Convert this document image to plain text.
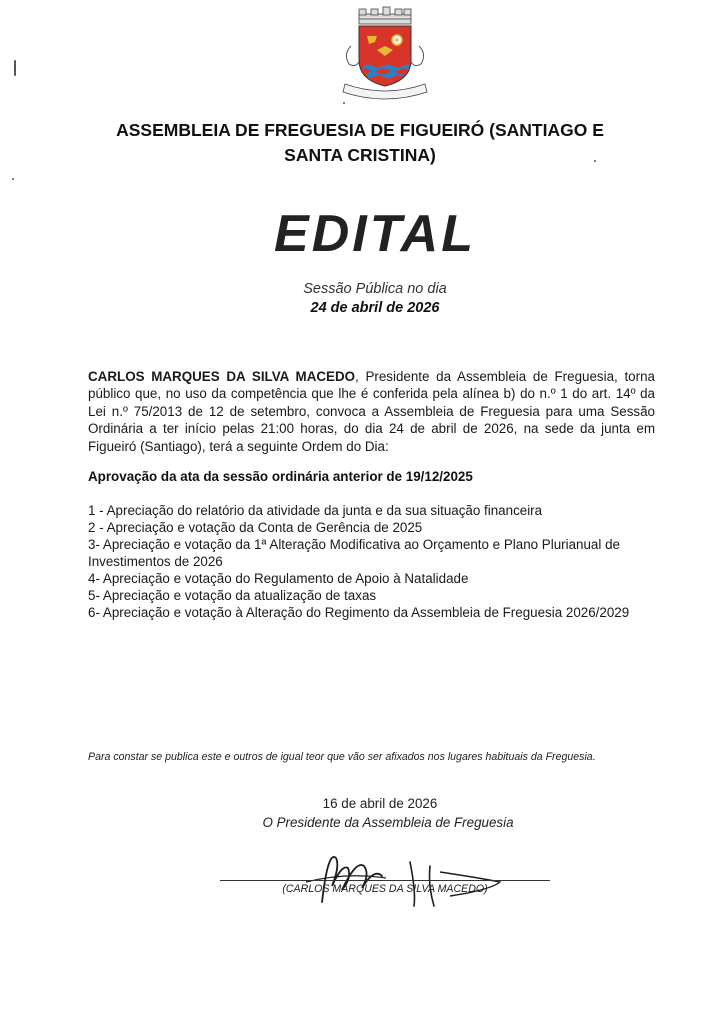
ASSEMBLEIA DE FREGUESIA DE FIGUEIRÓ (SANTIAGO E SANTA CRISTINA)
EDITAL
Sessão Pública no dia
24 de abril de 2026

CARLOS MARQUES DA SILVA MACEDO, Presidente da Assembleia de Freguesia, torna público que, no uso da competência que lhe é conferida pela alínea b) do n.º 1 do art. 14º da Lei n.º 75/2013 de 12 de setembro, convoca a Assembleia de Freguesia para uma Sessão Ordinária a ter início pelas 21:00 horas, do dia 24 de abril de 2026, na sede da junta em Figueiró (Santiago), terá a seguinte Ordem do Dia:

Aprovação da ata da sessão ordinária anterior de 19/12/2025
1 - Apreciação do relatório da atividade da junta e da sua situação financeira
2 - Apreciação e votação da Conta de Gerência de 2025
3- Apreciação e votação da 1ª Alteração Modificativa ao Orçamento e Plano Plurianual de Investimentos de 2026
4- Apreciação e votação do Regulamento de Apoio à Natalidade
5- Apreciação e votação da atualização de taxas
6- Apreciação e votação à Alteração do Regimento da Assembleia de Freguesia 2026/2029
Para constar se publica este e outros de igual teor que vão ser afixados nos lugares habituais da Freguesia.
16 de abril de 2026
O Presidente da Assembleia de Freguesia
(CARLOS MARQUES DA SILVA MACEDO)
